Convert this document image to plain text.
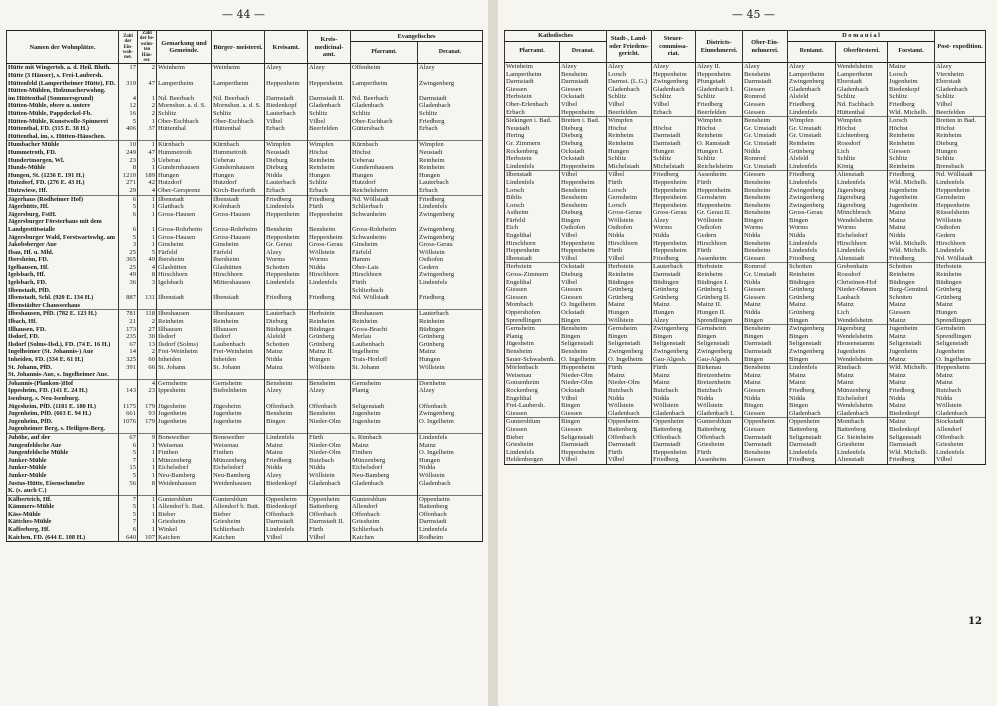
— 44 —
Namen der Wohnplätze.	Zahl der Ein- woh- ner.	Zahl der be- wohn- ten Häu- ser.	Gemarkung und Gemeinde.	Bürger- meisterei.	Kreisamt.	Kreis- medicinal- amt.	Evangelisches	
							Pfarramt.	Decanat.
Hütte mit Wingertsh. a. d. Heil. Bluth.	17	2	Weinheim	Weinheim	Alzey	Alzey	Offenheim	Alzey
Hütte (3 Häuser), s. Frei-Laubersh.								
Hüttenfeld (Lampertheimer Hütte), FD.	319	47	Lampertheim	Lampertheim	Heppenheim	Heppenheim	Lampertheim	Zwingenberg
Hütten-Mühlen, Holzmacherwohng.								
im Hüttenthal (Sommersgrund)	4	1	Nd. Beerbach	Nd. Beerbach	Darmstadt	Darmstadt II.	Nd. Beerbach	Darmstadt
Hütten-Mühle, obere u. untere	12	2	Mornshsn. a. d. S.	Mornshsn. a. d. S.	Biedenkopf	Gladenbach	Gladenbach	Gladenbach
Hütten-Mühle, Pappdeckel-Fb.	16	2	Schlitz	Schlitz	Lauterbach	Schlitz	Schlitz	Schlitz
Hütten-Mühle, Kunstwolle-Spinnerei	5	1	Ober-Eschbach	Ober-Eschbach	Vilbel	Vilbel	Ober-Eschbach	Friedberg
Hüttenthal, FD. (315 E. 38 H.)	406	37	Hüttenthal	Hüttenthal	Erbach	Beerfelden	Güttersbach	Erbach
Hüttenthal, im, s. Hütten-Häuschen.								
Humbacher Mühle	10	1	Kürnbach	Kürnbach	Wimpfen	Wimpfen	Kürnbach	Wimpfen
Hummetroth, FD.	249	47	Hummetroth	Hummetroth	Neustadt	Höchst	Höchst	Neustadt
Hundertmorgen, Wl.	23	3	Ueberau	Ueberau	Dieburg	Reinheim	Ueberau	Reinheim
Hunds-Mühle	8	1	Gundernhausen	Gundernhausen	Dieburg	Reinheim	Gundernhausen	Reinheim
Hungen, St. (1236 E. 191 H.)	1210	189	Hungen	Hungen	Nidda	Hungen	Hungen	Hungen
Hutzdorf, FD. (276 E. 43 H.)	271	42	Hutzdorf	Hutzdorf	Lauterbach	Schlitz	Hutzdorf	Lauterbach
Hutzwiese, Hf.	29	4	Ober-Gersprenz	Kirch-Beerfurth	Erbach	Erbach	Reichelsheim	Erbach
Jägerhaus (Rodheimer Hof)	6	1	Ilbenstadt	Ilbenstadt	Friedberg	Friedberg	Nd. Wöllstadt	Friedberg
Jägerhütte, Hf.	5	1	Glattbach	Kolmbach	Lindenfels	Fürth	Schlierbach	Lindenfels
Jägersburg, FstH.	6	1	Gross-Hausen	Gross-Hausen	Heppenheim	Heppenheim	Schwanheim	Zwingenberg
Jägersburger Försterhaus mit dem								
Landgestütsstalle	6	1	Gross-Rohrheim	Gross-Rohrheim	Bensheim	Bensheim	Gross-Rohrheim	Zwingenberg
Jägersburger Wald, Forstwartswhg. am	5	1	Gross-Hausen	Gross-Hausen	Heppenheim	Heppenheim	Schwanheim	Zwingenberg
Jakobsberger Aue	3	1	Ginsheim	Ginsheim	Gr. Gerau	Gross-Gerau	Ginsheim	Gross-Gerau
Ibau, Hf. u. Mhl.	25	5	Färfeld	Färfeld	Alzey	Wöllstein	Färfeld	Wöllstein
Ibersheim, FD.	365	49	Ibersheim	Ibersheim	Worms	Worms	Hamm	Osthofen
Igelhausen, Hf.	25	4	Glashütten	Glashütten	Schotten	Nidda	Ober-Lais	Gedern
Igelsbach, Hf.	49	8	Hirschhorn	Hirschhorn	Heppenheim	Hirschhorn	Hirschhorn	Zwingenberg
Igelsbach, FD.	36	3	Igelsbach	Mittershausen	Lindenfels	Lindenfels	Fürth	Lindenfels
Ilbenstadt, PfD.							Schlierbach	
Ilbenstadt, Schl. (920 E. 134 H.)	887	131	Ilbenstadt	Ilbenstadt	Friedberg	Friedberg	Nd. Wöllstadt	Friedberg
Ilbenstädter Chausseehaus								
Ilbeshausen, PfD. (782 E. 123 H.)	781	118	Ilbeshausen	Ilbeshausen	Lauterbach	Herbstein	Ilbeshausen	Lauterbach
Ilbach, Hf.	21	2	Reinheim	Reinheim	Dieburg	Reinheim	Reinheim	Reinheim
Illhausen, FD.	173	27	Illhausen	Illhausen	Büdingen	Büdingen	Gross-Bracht	Büdingen
Ilsdorf, FD.	235	30	Ilsdorf	Ilsdorf	Alsfeld	Grünberg	Merlau	Grünberg
Ilsdorf (Solms-Ilsd.), FD. (74 E. 16 H.)	67	13	Ilsdorf (Solms)	Laubenbach	Schotten	Grünberg	Laubenbach	Grünberg
Ingelheimer (St. Johannis-) Aue	14	2	Frei-Weinheim	Frei-Weinheim	Mainz	Mainz II.	Ingelheim	Mainz
Inheiden, FD. (334 E. 61 H.)	325	60	Inheiden	Inheiden	Nidda	Hungen	Trais-Horloff	Hungen
St. Johann, PfD.	391	66	St. Johann	St. Johann	Mainz	Wöllstein	St. Johann	Wöllstein
St. Johannis-Aue, s. Ingelheimer Aue.								
Johannis-(Plankon-)Hof		4	Gernsheim	Gernsheim	Bensheim	Bensheim	Gernsheim	Dornheim
Ippesheim, FD. (141 E. 24 H.)	143	23	Ippesheim	Biebelnheim	Alzey	Alzey	Planig	Alzey
Isenburg, s. Neu-Isenburg.								
Jügesheim, PfD. (1181 E. 180 H.)	1175	179	Jügesheim	Jügesheim	Offenbach	Offenbach	Seligenstadt	Offenbach
Jugenheim, PfD. (663 E. 94 H.)	661	93	Jugenheim	Jugenheim	Bensheim	Bensheim	Jugenheim	Zwingenberg
Jugenheim, PfD.	1076	179	Jugenheim	Jugenheim	Bingen	Nieder-Olm	Jugenheim	O. Ingelheim
Jugenheimer Berg, s. Heiligen-Berg.								
Juhöhe, auf der	67	9	Bonsweiher	Bonsweiher	Lindenfels	Fürth	s. Rimbach	Lindenfels
Jungenfeldsche Aue	6	1	Weisenau	Weisenau	Mainz	Nieder-Olm	Mainz	Mainz
Jungenfeldsche Mühle	5	1	Finthen	Finthen	Mainz	Nieder-Olm	Finthen	O. Ingelheim
Junker-Mühle	7	1	Münzenberg	Münzenberg	Friedberg	Butzbach	Münzenberg	Hungen
Junker-Mühle	15	1	Eichelsdorf	Eichelsdorf	Nidda	Nidda	Eichelsdorf	Nidda
Junker-Mühle	5	1	Neu-Bamberg	Neu-Bamberg	Alzey	Wöllstein	Neu-Bamberg	Wöllstein
Justus-Hütte, Eisenschmelze	56	8	Weidenhausen	Weidenhausen	Biedenkopf	Gladenbach	Gladenbach	Gladenbach
K. (s. auch C.)								
Kälberteich, Hf.	7	1	Guntersblum	Guntersblum	Oppenheim	Oppenheim	Guntersblum	Oppenheim
Kämmers-Mühle	5	1	Allendorf b. Batt.	Allendorf b. Batt.	Biedenkopf	Battenberg	Allendorf	Battenberg
Käss-Mühle	5	1	Bieber	Bieber	Offenbach	Offenbach	Offenbach	Offenbach
Kättches-Mühle	7	1	Griesheim	Griesheim	Darmstadt	Darmstadt II.	Griesheim	Darmstadt
Kaffeeberg, Hf.	6	1	Winkel	Schlierbach	Lindenfels	Fürth	Schlierbach	Lindenfels
Kaichen, FD. (644 E. 108 H.)	640	107	Kaichen	Kaichen	Vilbel	Vilbel	Kaichen	Rodheim
— 45 —
Katholisches		Stadt-, Land- oder Friedens- gericht.	Steuer- commissa- riat.	Districts- Einnehmerei.	Ober-Ein- nehmerei.	D o m a n i a l			Post- expedition.
Pfarramt.	Decanat.					Rentamt.	Oberförsterei.	Forstamt.	
Weinheim	Alzey	Alzey	Alzey	Alzey II.	Alzey	Alzey	Wendelsheim	Mainz	Alzey

Lampertheim	Bensheim	Lorsch	Heppenheim	Heppenheim	Bensheim	Lampertheim	Lampertheim	Lorsch	Viernheim

Darmstadt	Darmstadt	Darmst. (L.G.)	Zwingenberg	Pfungstadt	Darmstadt	Zwingenberg	Eberstadt	Jugenheim	Eberstadt
Giessen	Giessen	Gladenbach	Gladenbach	Gladenbach I.	Giessen	Gladenbach	Gladenbach	Biedenkopf	Gladenbach
Herbstein	Ockstadt	Schlitz	Schlitz	Schlitz	Romrod	Alsfeld	Schlitz	Schlitz	Schlitz
Ober-Erlenbach	Vilbel	Vilbel	Vilbel	Friedberg	Giessen	Friedberg	Nd. Eschbach	Friedberg	Vilbel
Erbach	Heppenheim	Beerfelden	Erbach	Beerfelden	Giessen	Lindenfels	Hüttenthal	Wld. Michelb.	Beerfelden

Siekingen i. Bad.	Bretten i. Bad.	Wimpfen		Wimpfen	Bensheim	Wimpfen	Wimpfen	Lorsch	Bretten in Bad.
Neustadt	Dieburg	Höchst	Höchst	Höchst	Gr. Umstadt	Gr. Umstadt	Höchst	Höchst	Höchst
Hering	Dieburg	Reinheim	Darmstadt	Reinheim	Gr. Umstadt	Gr. Umstadt	Lichtenberg	Reinheim	Reinheim
Gr. Zimmern	Dieburg	Reinheim	Darmstadt	O. Ramstadt	Gr. Umstadt	Reinheim	Rossdorf	Reinheim	Dieburg
Rockenberg	Ockstadt	Hungen	Hungen	Hungen I.	Nidda	Grünberg	Lich	Giessen	Hungen
Herbstein	Ockstadt	Schlitz	Schlitz	Schlitz	Romrod	Alsfeld	Schlitz	Schlitz	Schlitz
Lindenfels	Heppenheim	Michelstadt	Michelstadt	Reichelsheim	Gr. Umstadt	Lindenfels	König	Reinheim	Brensbach
Ilbenstadt	Vilbel	Vilbel	Friedberg	Assenheim	Giessen	Friedberg	Altenstadt	Friedberg	Nd. Wöllstadt
Lindenfels	Heppenheim	Fürth	Heppenheim	Fürth	Bensheim	Lindenfels	Lindenfels	Wld. Michelb.	Lindenfels
Lorsch	Bensheim	Lorsch	Heppenheim	Heppenheim	Bensheim	Zwingenberg	Jägersburg	Jugenheim	Heppenheim

Biblis	Bensheim	Gernsheim	Heppenheim	Gernsheim	Bensheim	Zwingenberg	Jägersburg	Jugenheim	Gernsheim
Lorsch	Bensheim	Lorsch	Heppenheim	Heppenheim	Bensheim	Zwingenberg	Jägersburg	Jugenheim	Heppenheim
Astheim	Dieburg	Gross-Gerau	Gross-Gerau	Gr. Gerau II.	Bensheim	Gross-Gerau	Mönchbruch	Mainz	Rüsselsheim
Färfeld	Bingen	Wöllstein	Alzey	Wöllstein	Bingen	Bingen	Wendelsheim	Mainz	Wöllstein
Eich	Osthofen	Osthofen	Worms	Osthofen	Worms	Worms	Worms	Mainz	Osthofen
Engelthal	Vilbel	Nidda	Nidda	Gedern	Nidda	Nidda	Eichelsdorf	Nidda	Gedern
Hirschhorn	Heppenheim	Hirschhorn	Heppenheim	Hirschhorn	Bensheim	Lindenfels	Hirschhorn	Wld. Michelb.	Hirschhorn
Heppenheim	Heppenheim	Fürth	Heppenheim	Fürth	Bensheim	Lindenfels	Lindenfels	Wld. Michelb.	Lindenfels

Ilbenstadt	Vilbel	Vilbel	Friedberg	Assenheim	Giessen	Friedberg	Altenstadt	Friedberg	Nd. Wöllstadt

Herbstein	Ockstadt	Herbstein	Lauterbach	Herbstein	Romrod	Schotten	Grebenhain	Schotten	Herbstein
Gross-Zimmern	Dieburg	Reinheim	Darmstadt	Reinheim	Gr. Umstadt	Reinheim	Rossdorf	Reinheim	Reinheim
Engelthal	Vilbel	Büdingen	Büdingen	Büdingen I.	Nidda	Büdingen	Christinen-Hof	Büdingen	Büdingen
Giessen	Giessen	Grünberg	Grünberg	Grünberg I.	Giessen	Grünberg	Nieder-Ohmen	Burg-Gemünd.	Grünberg
Giessen	Giessen	Grünberg	Grünberg	Grünberg II.	Giessen	Grünberg	Laubach	Schotten	Grünberg
Mombach	O. Ingelheim	Mainz	Mainz	Mainz II.	Mainz	Mainz	Mainz	Mainz	Mainz
Oppershofen	Ockstadt	Hungen	Hungen	Hungen II.	Nidda	Grünberg	Lich	Giessen	Hungen
Sprendlingen	Bingen	Wöllstein	Alzey	Sprendlingen	Bingen	Bingen	Wendelsheim	Mainz	Sprendlingen

Gernsheim	Bensheim	Gernsheim	Zwingenberg	Gernsheim	Bensheim	Zwingenberg	Jägersburg	Jugenheim	Gernsheim
Planig	Bingen	Bingen	Bingen	Bingen	Bingen	Bingen	Wendelsheim	Mainz	Sprendlingen

Jügesheim	Seligenstadt	Seligenstadt	Seligenstadt	Seligenstadt	Darmstadt	Seligenstadt	Heusenstamm	Seligenstadt	Seligenstadt
Bensheim	Bensheim	Zwingenberg	Zwingenberg	Zwingenberg	Darmstadt	Zwingenberg	Jugenheim	Jugenheim	Jugenheim
Sauer-Schwabenh.	O. Ingelheim	O. Ingelheim	Gau-Algesh.	Gau-Algesh.	Bingen	Bingen	Wendelsheim	Mainz	O. Ingelheim

Mörlenbach	Heppenheim	Fürth	Fürth	Birkenau	Bensheim	Lindenfels	Rimbach	Wld. Michelb.	Heppenheim
Weisenau	Nieder-Olm	Mainz	Mainz	Bretzenheim	Mainz	Mainz	Mainz	Mainz	Mainz
Gonsenheim	Nieder-Olm	Nieder-Olm	Mainz	Bretzenheim	Mainz	Mainz	Mainz	Mainz	Mainz
Rockenberg	Ockstadt	Butzbach	Butzbach	Butzbach	Giessen	Friedberg	Münzenberg	Friedberg	Butzbach
Engelthal	Vilbel	Nidda	Nidda	Nidda	Nidda	Nidda	Eichelsdorf	Nidda	Nidda
Frei-Laubersh.	Bingen	Wöllstein	Wöllstein	Wöllstein	Bingen	Bingen	Wendelsheim	Mainz	Wöllstein
Giessen	Giessen	Gladenbach	Gladenbach	Gladenbach I.	Giessen	Gladenbach	Gladenbach	Biedenkopf	Gladenbach

Guntersblum	Bingen	Oppenheim	Oppenheim	Guntersblum	Oppenheim	Oppenheim	Mombach	Mainz	Stockstadt
Giessen	Giessen	Battenberg	Battenberg	Battenberg	Giessen	Battenberg	Battenberg	Biedenkopf	Allendorf
Bieber	Seligenstadt	Offenbach	Offenbach	Offenbach	Darmstadt	Seligenstadt	Gr. Steinheim	Seligenstadt	Offenbach
Griesheim	Darmstadt	Darmstadt	Darmstadt	Griesheim	Darmstadt	Darmstadt	Griesheim	Darmstadt	Griesheim
Lindenfels	Heppenheim	Fürth	Heppenheim	Fürth	Bensheim	Lindenfels	Lindenfels	Wld. Michelb.	Lindenfels
Heldenbergen	Vilbel	Vilbel	Friedberg	Assenheim	Giessen	Friedberg	Altenstadt	Friedberg	Vilbel
12
